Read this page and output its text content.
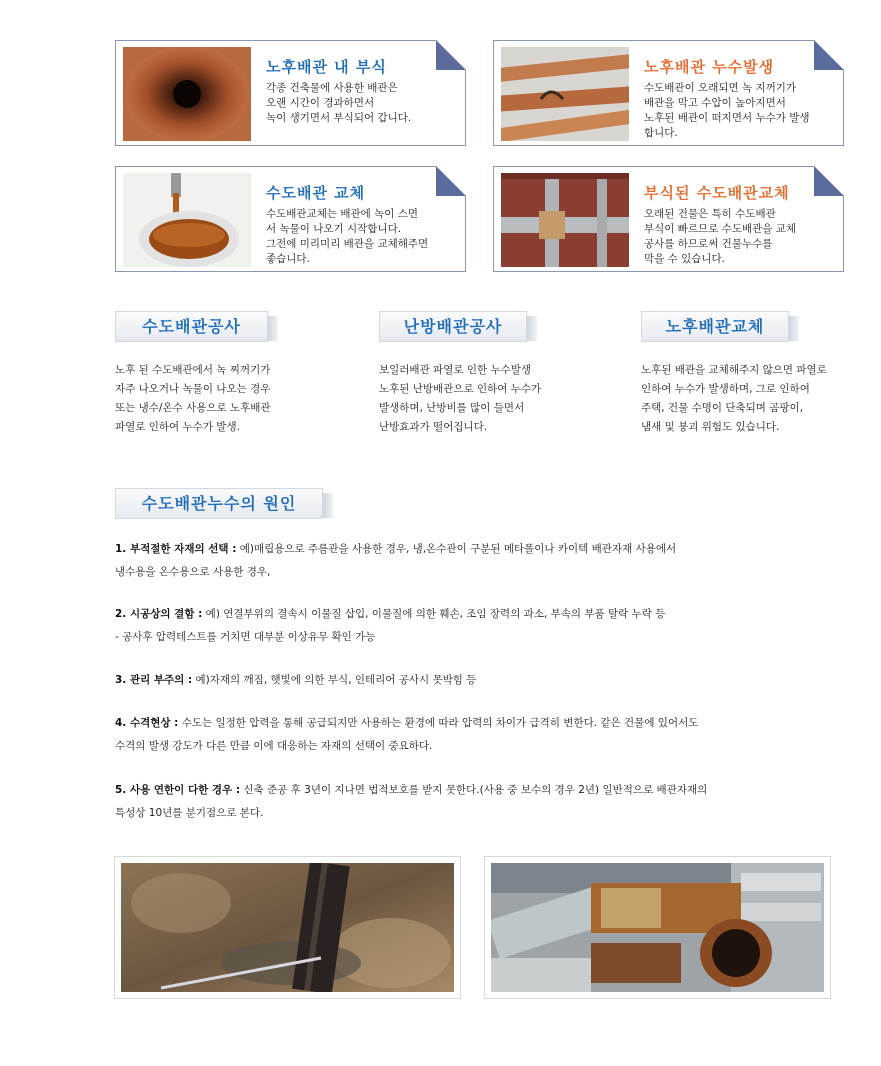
노후배관 내 부식
각종 건축물에 사용한 배관은
오랜 시간이 경과하면서
녹이 생기면서 부식되어 갑니다.
노후배관 누수발생
수도배관이 오래되면 녹 지꺼기가
배관을 막고 수압이 높아지면서
노후된 배관이 떠지면서 누수가 발생
합니다.
수도배관 교체
수도배관교체는 배관에 녹이 스면
서 녹물이 나오기 시작합니다.
그전에 미리미리 배관을 교체해주면
좋습니다.
부식된 수도배관교체
오래된 건물은 특히 수도배관
부식이 빠르므로 수도배관을 교체
공사를 하므로써 건물누수를
막을 수 있습니다.
수도배관공사
노후 된 수도배관에서 녹 찌꺼기가
자주 나오거나 녹물이 나오는 경우
또는 냉수/온수 사용으로 노후배관
파열로 인하여 누수가 발생.
난방배관공사
보일러배관 파열로 인한 누수발생
노후된 난방배관으로 인하여 누수가
발생하며, 난방비를 많이 들면서
난방효과가 떨어집니다.
노후배관교체
노후된 배관을 교체해주지 않으면 파열로
인하여 누수가 발생하며, 그로 인하여
주택, 건물 수명이 단축되며 곰팡이,
냄새 및 붕괴 위험도 있습니다.
수도배관누수의 원인
1. 부적절한 자재의 선택 : 예)매립용으로 주름관을 사용한 경우, 냉,온수관이 구분된 메타폴이나 카이텍 배관자재 사용에서
냉수용을 온수용으로 사용한 경우,
2. 시공상의 결함 : 예) 연결부위의 결속시 이물질 삽입, 이물질에 의한 훼손, 조임 장력의 과소, 부속의 부품 탈락 누락 등
- 공사후 압력테스트를 거치면 대부분 이상유무 확인 가능
3. 관리 부주의 : 예)자재의 깨짐, 햇빛에 의한 부식, 인테리어 공사시 못박힘 등
4. 수격현상 : 수도는 일정한 압력을 통해 공급되지만 사용하는 환경에 따라 압력의 차이가 급격히 변한다. 같은 건물에 있어서도
수격의 발생 강도가 다른 만큼 이에 대응하는 자재의 선택이 중요하다.
5. 사용 연한이 다한 경우 : 신축 준공 후 3년이 지나면 법적보호를 받지 못한다.(사용 중 보수의 경우 2년) 일반적으로 배관자재의
특성상 10년를 분기점으로 본다.
